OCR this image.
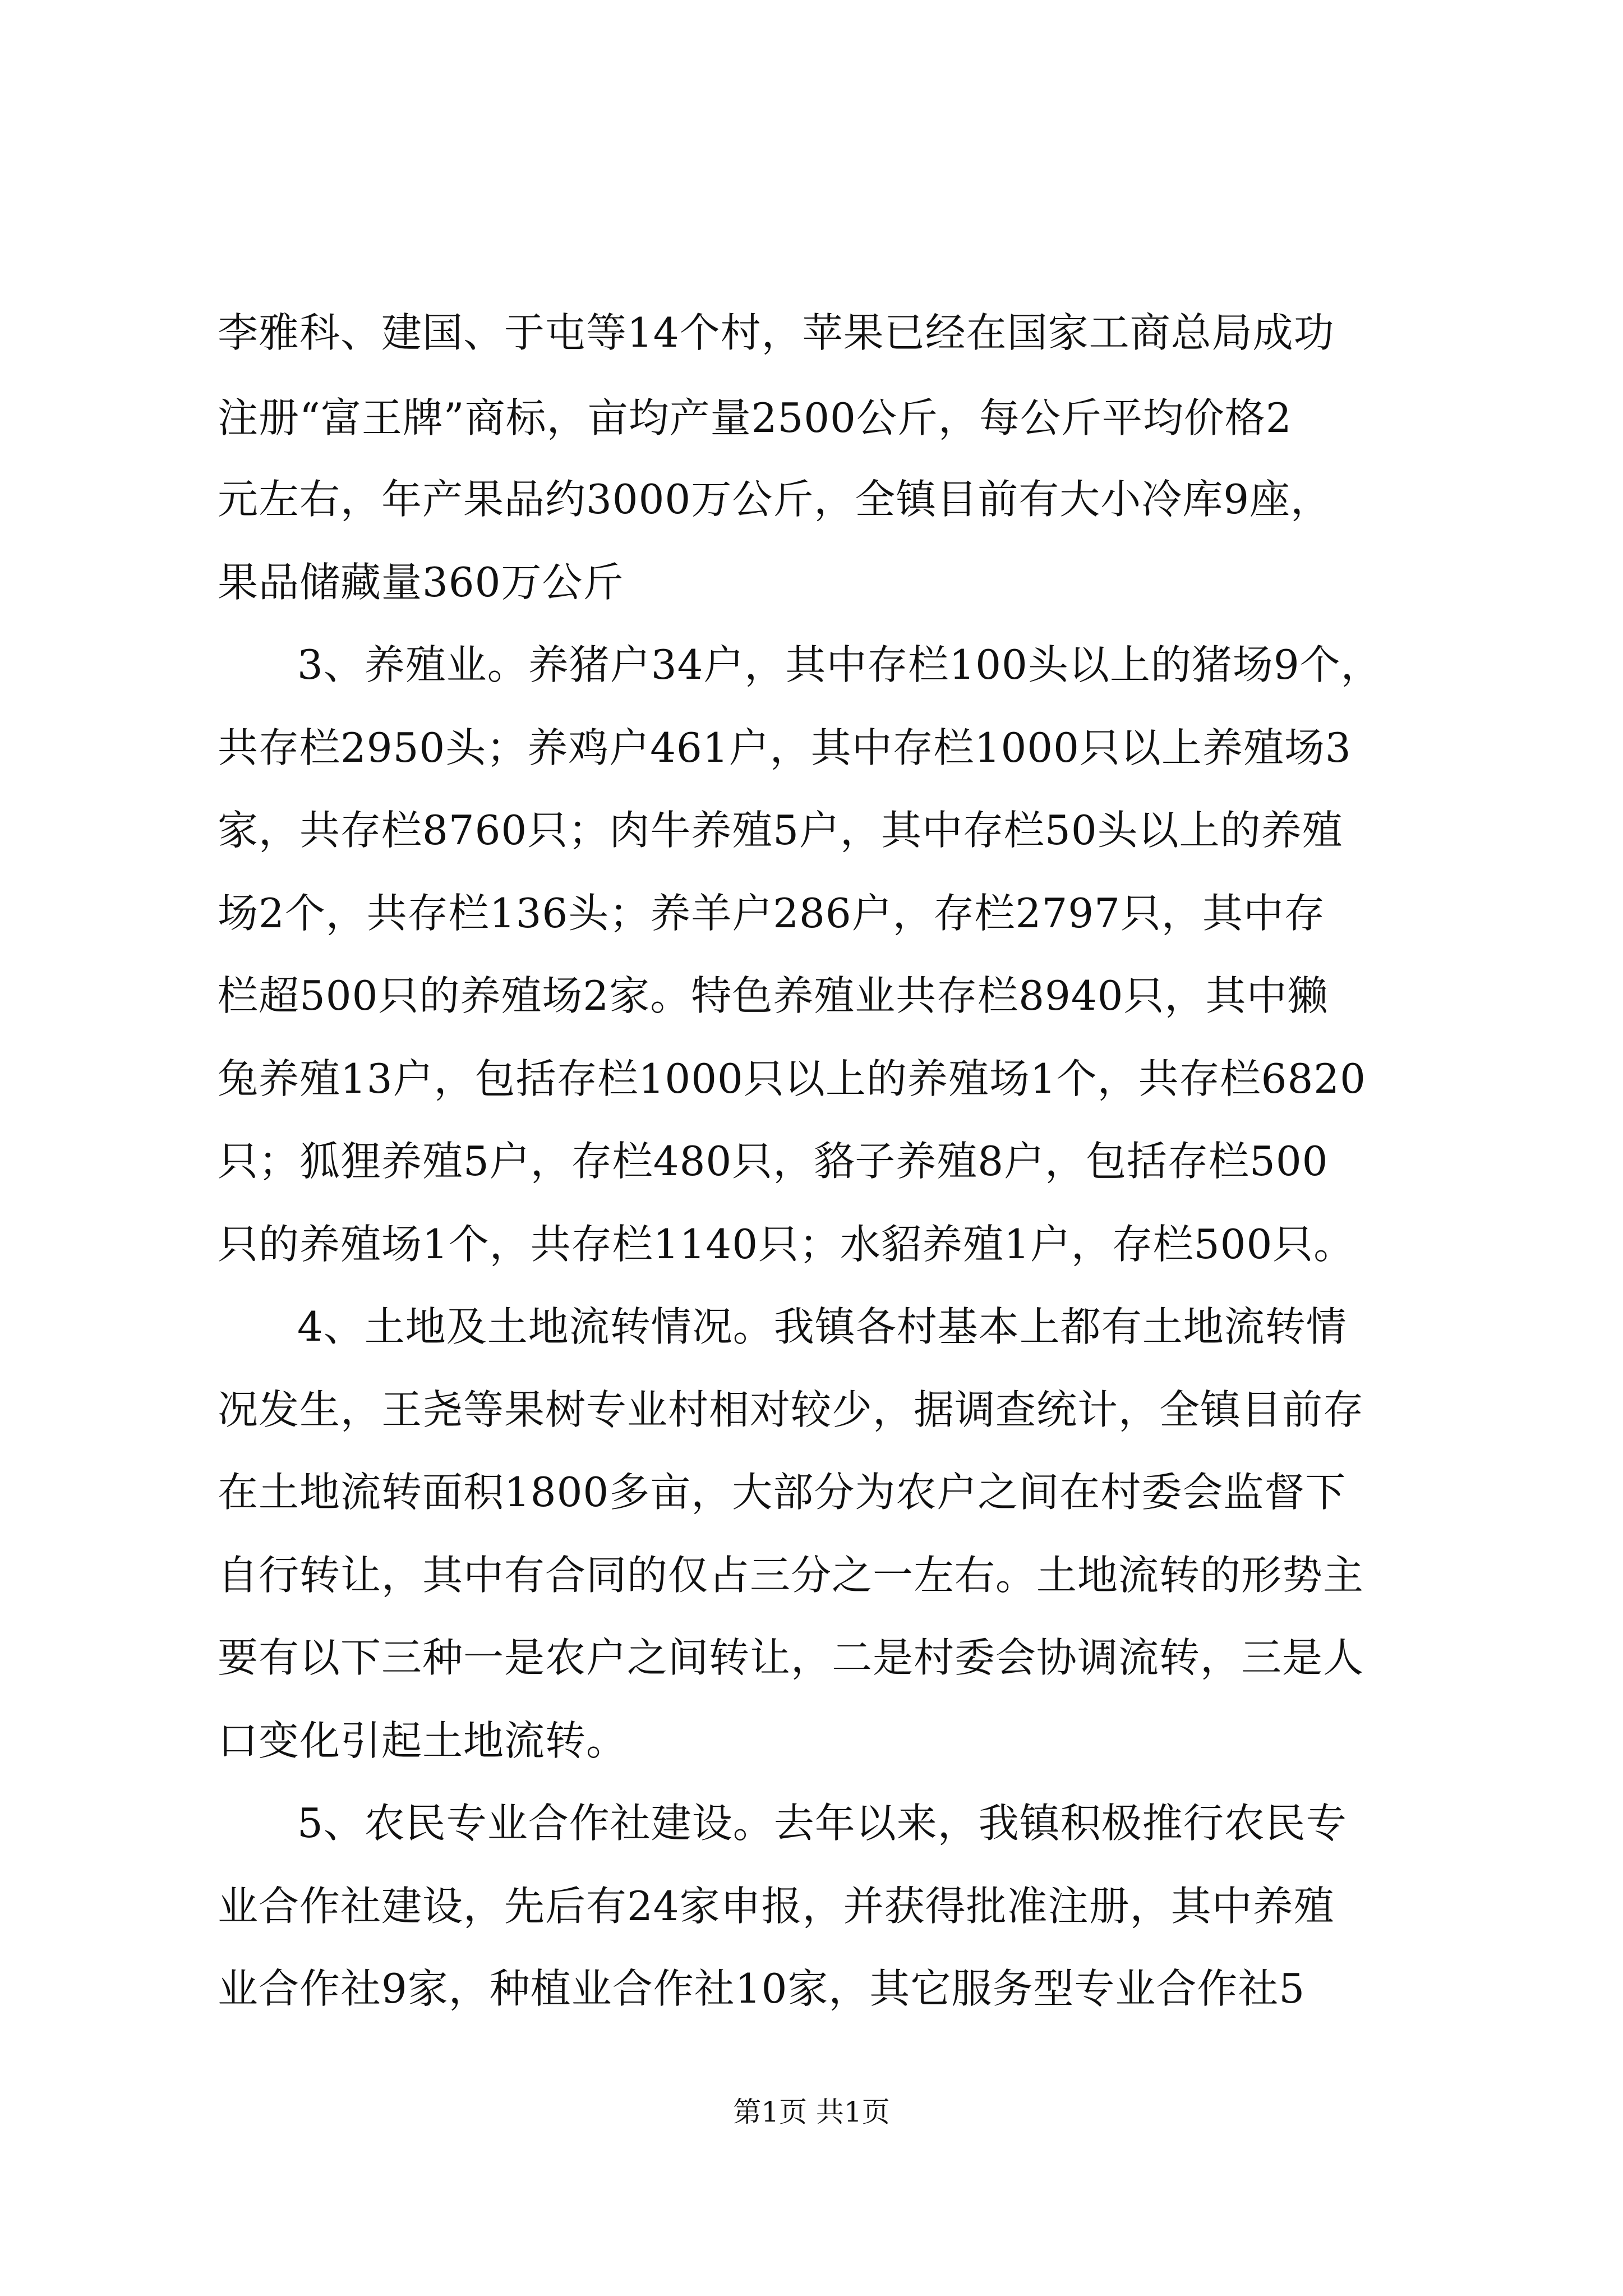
李雅科、建国、于屯等14个村，苹果已经在国家工商总局成功
注册“富王牌”商标，亩均产量2500公斤，每公斤平均价格2
元左右，年产果品约3000万公斤，全镇目前有大小冷库9座，
果品储藏量360万公斤
3、养殖业。养猪户34户，其中存栏100头以上的猪场9个，
共存栏2950头；养鸡户461户，其中存栏1000只以上养殖场3
家，共存栏8760只；肉牛养殖5户，其中存栏50头以上的养殖
场2个，共存栏136头；养羊户286户，存栏2797只，其中存
栏超500只的养殖场2家。特色养殖业共存栏8940只，其中獭
兔养殖13户，包括存栏1000只以上的养殖场1个，共存栏6820
只；狐狸养殖5户，存栏480只，貉子养殖8户，包括存栏500
只的养殖场1个，共存栏1140只；水貂养殖1户，存栏500只。
4、土地及土地流转情况。我镇各村基本上都有土地流转情
况发生，王尧等果树专业村相对较少，据调查统计，全镇目前存
在土地流转面积1800多亩，大部分为农户之间在村委会监督下
自行转让，其中有合同的仅占三分之一左右。土地流转的形势主
要有以下三种一是农户之间转让，二是村委会协调流转，三是人
口变化引起土地流转。
5、农民专业合作社建设。去年以来，我镇积极推行农民专
业合作社建设，先后有24家申报，并获得批准注册，其中养殖
业合作社9家，种植业合作社10家，其它服务型专业合作社5
第1页 共1页
